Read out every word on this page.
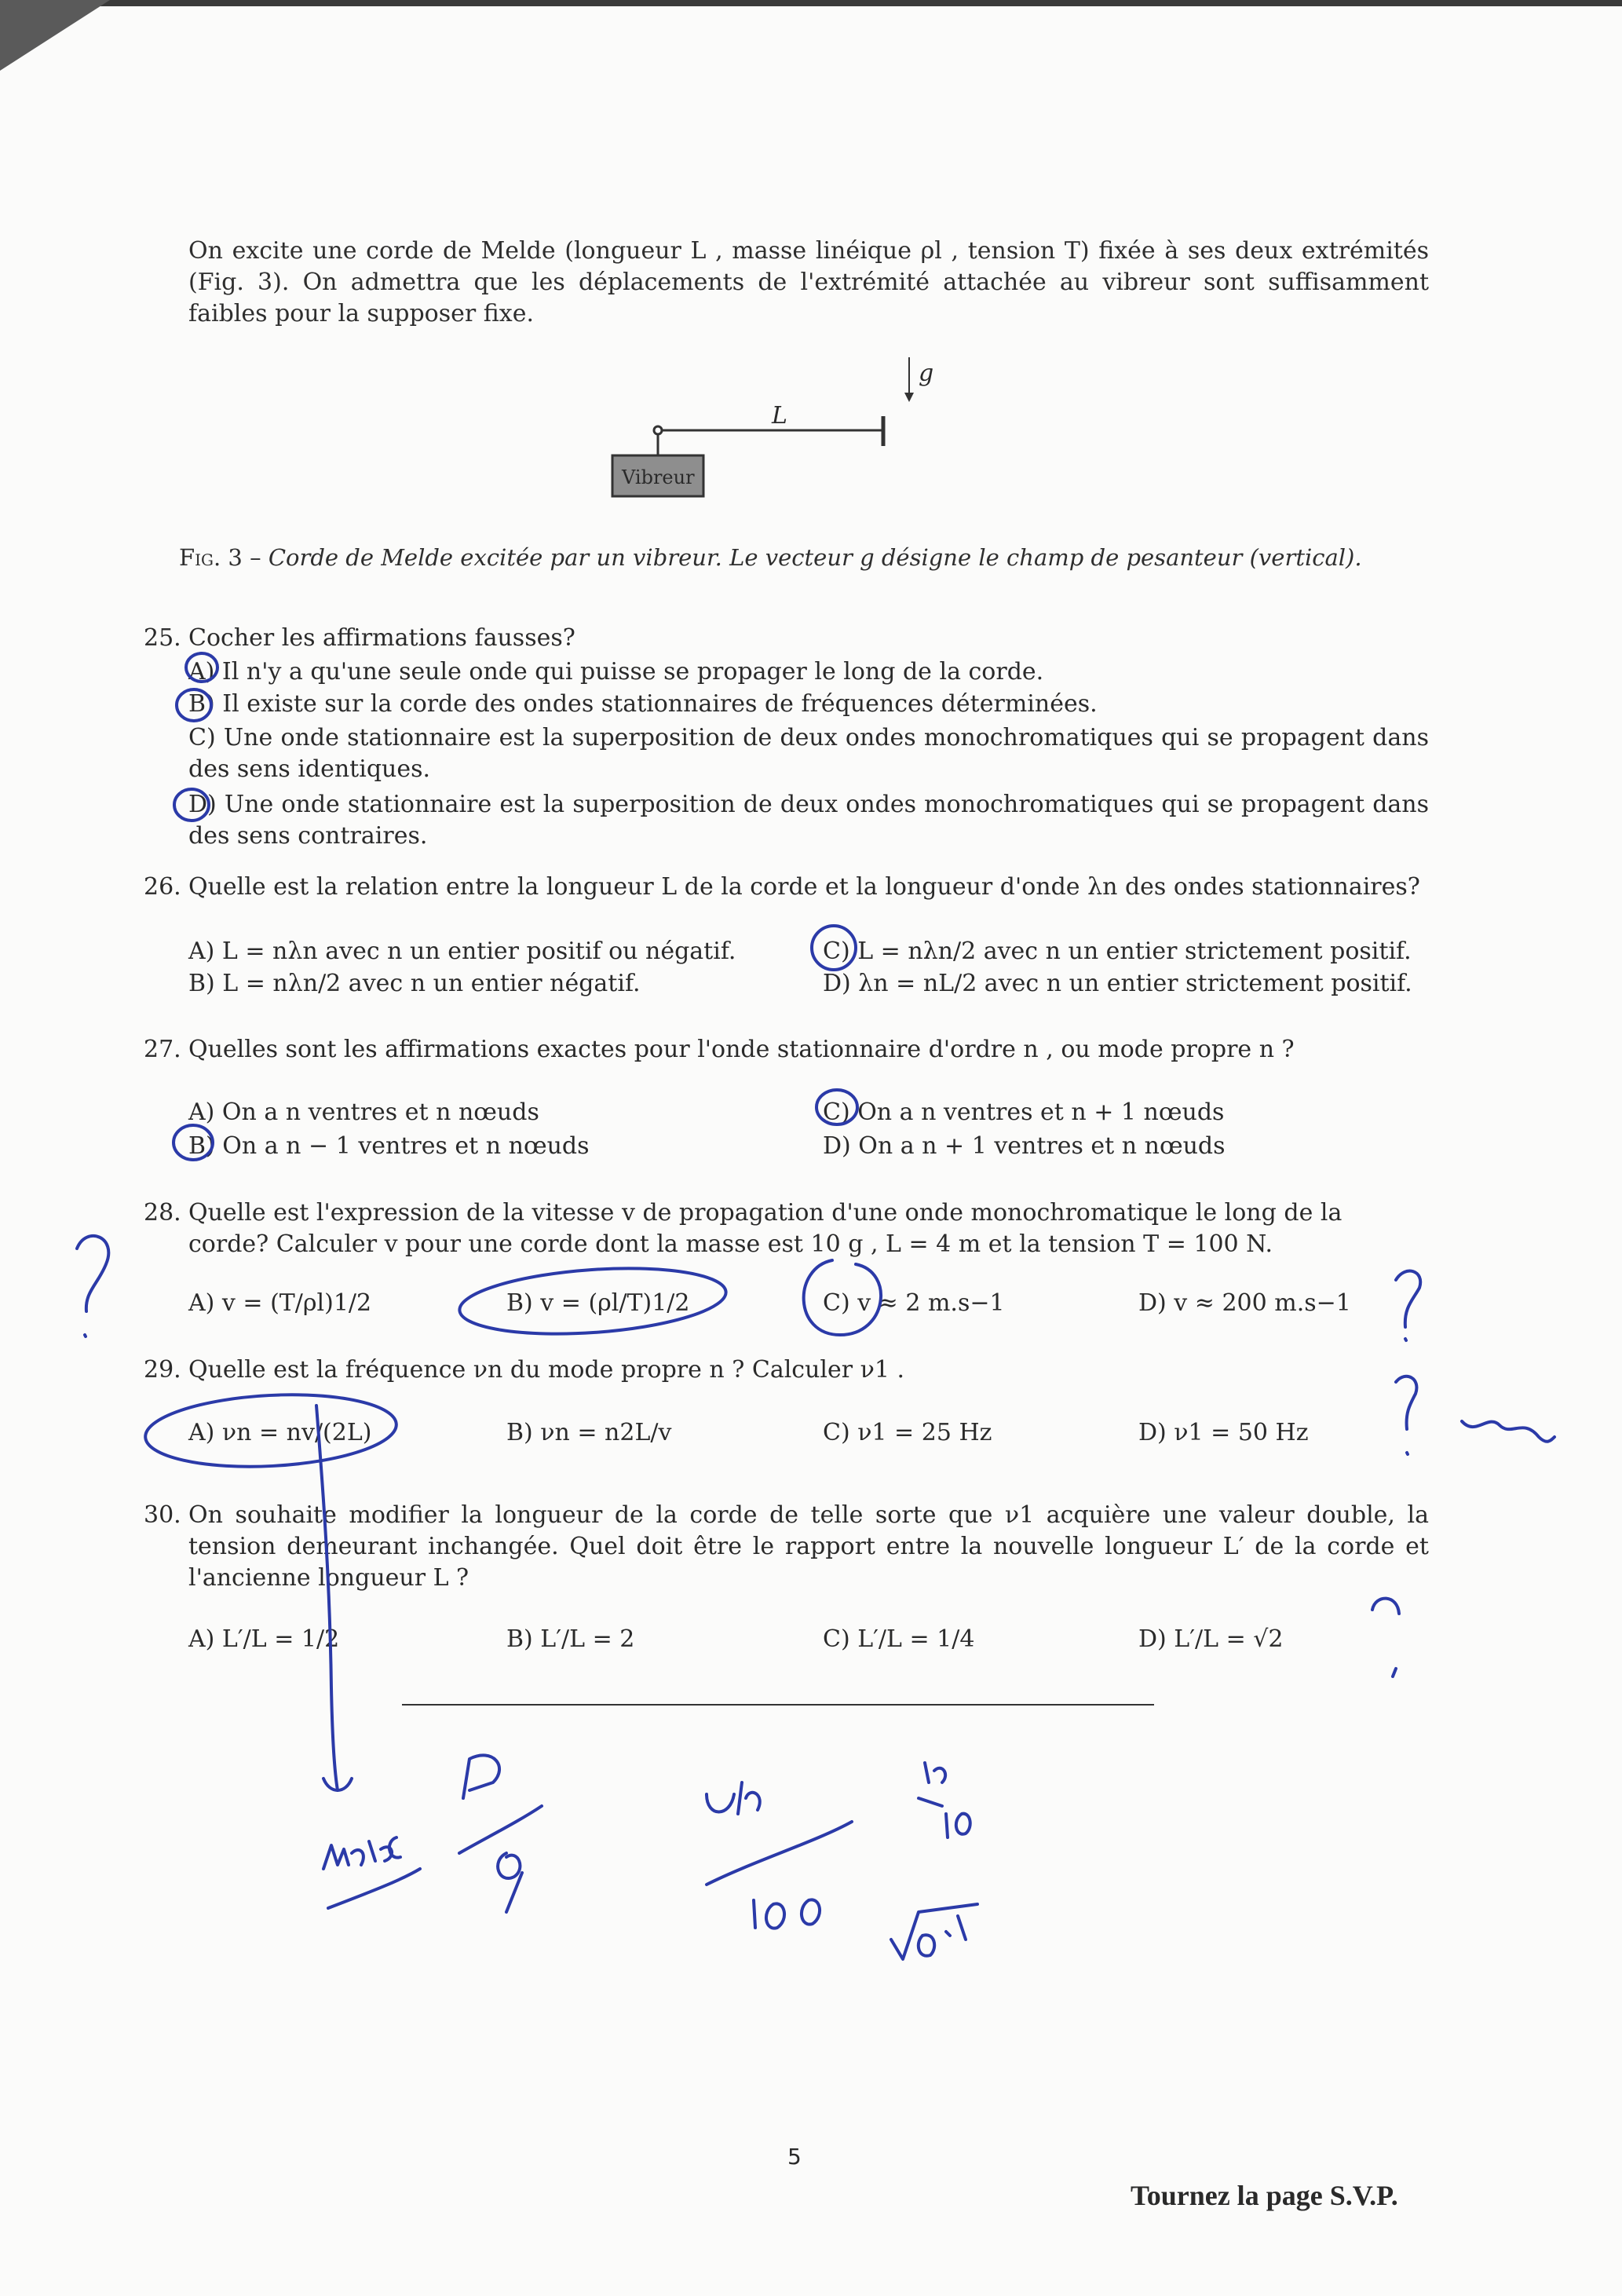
On excite une corde de Melde (longueur L , masse linéique ρl , tension T) fixée à ses deux extrémités (Fig. 3). On admettra que les déplacements de l'extrémité attachée au vibreur sont suffisamment faibles pour la supposer fixe.
Vibreur
L
g
Fig. 3 – Corde de Melde excitée par un vibreur. Le vecteur g désigne le champ de pesanteur (vertical).
25. Cocher les affirmations fausses?
A) Il n'y a qu'une seule onde qui puisse se propager le long de la corde.
B) Il existe sur la corde des ondes stationnaires de fréquences déterminées.
C) Une onde stationnaire est la superposition de deux ondes monochromatiques qui se propagent dans des sens identiques.
D) Une onde stationnaire est la superposition de deux ondes monochromatiques qui se propagent dans des sens contraires.
26. Quelle est la relation entre la longueur L de la corde et la longueur d'onde λn des ondes stationnaires?
A) L = nλn avec n un entier positif ou négatif.
B) L = nλn/2 avec n un entier négatif.
C) L = nλn/2 avec n un entier strictement positif.
D) λn = nL/2 avec n un entier strictement positif.
27. Quelles sont les affirmations exactes pour l'onde stationnaire d'ordre n , ou mode propre n ?
A) On a n ventres et n nœuds
B) On a n − 1 ventres et n nœuds
C) On a n ventres et n + 1 nœuds
D) On a n + 1 ventres et n nœuds
28. Quelle est l'expression de la vitesse v de propagation d'une onde monochromatique le long de la corde? Calculer v pour une corde dont la masse est 10 g , L = 4 m et la tension T = 100 N.
A) v = (T/ρl)1/2	B) v = (ρl/T)1/2	C) v ≈ 2 m.s−1	D) v ≈ 200 m.s−1
29. Quelle est la fréquence νn du mode propre n ? Calculer ν1 .
A) νn = nv/(2L)	B) νn = n2L/v	C) ν1 = 25 Hz	D) ν1 = 50 Hz
30. On souhaite modifier la longueur de la corde de telle sorte que ν1 acquière une valeur double, la tension demeurant inchangée. Quel doit être le rapport entre la nouvelle longueur L′ de la corde et l'ancienne longueur L ?
A) L′/L = 1/2	B) L′/L = 2	C) L′/L = 1/4	D) L′/L = √2
5
Tournez la page S.V.P.
